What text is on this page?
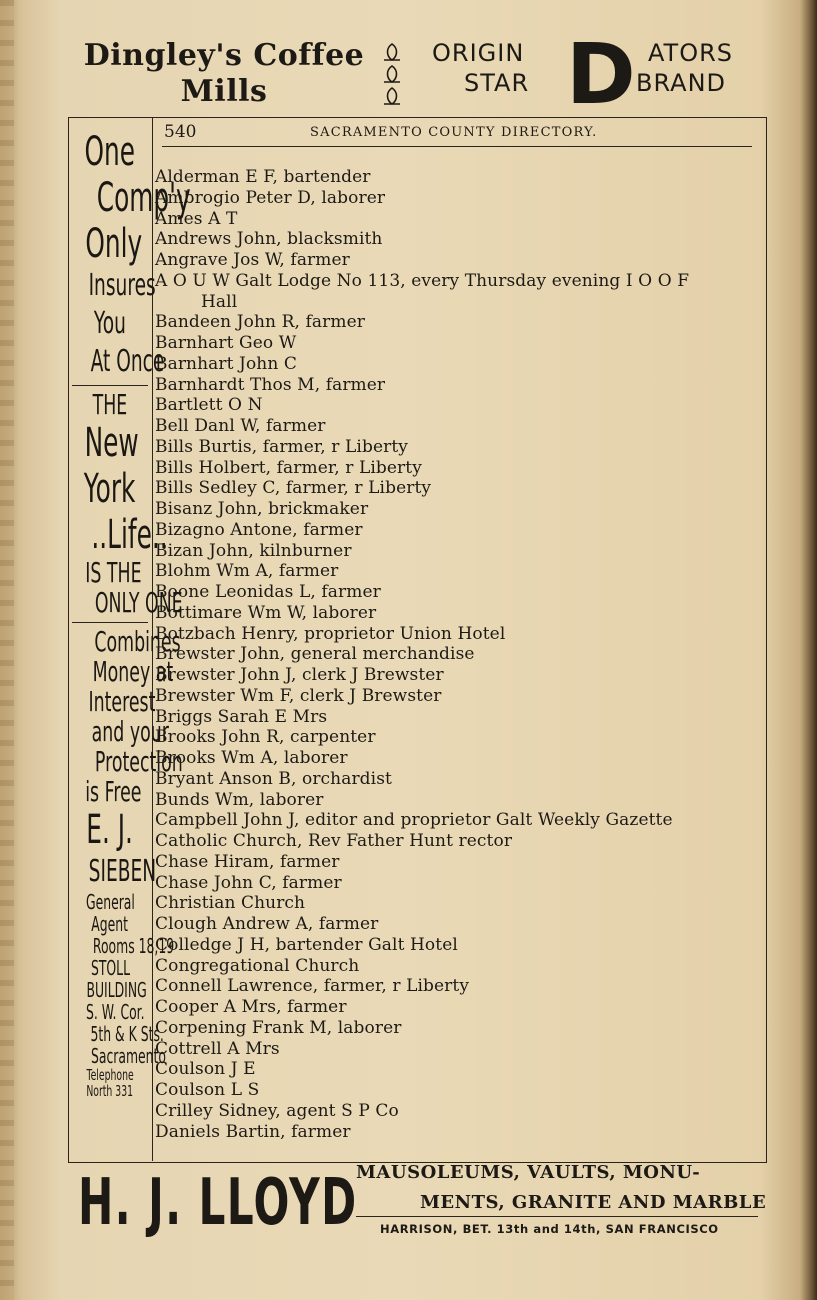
Dingley's Coffee
Mills
ORIGIN
STAR D ATORS
BRAND
One
Comp'y
Only
Insures
You
At Once
THE
New
York
..Life..
IS THE
ONLY ONE
Combines
Money at
Interest
and your
Protection
is Free
E. J.
SIEBEN
General
Agent
Rooms 18,19
STOLL
BUILDING
S. W. Cor.
5th & K Sts.
Sacramento
Telephone
North 331
540	SACRAMENTO COUNTY DIRECTORY.
Alderman E F, bartender
Ambrogio Peter D, laborer
Ames A T
Andrews John, blacksmith
Angrave Jos W, farmer
A O U W Galt Lodge No 113, every Thursday evening I O O F
Hall
Bandeen John R, farmer
Barnhart Geo W
Barnhart John C
Barnhardt Thos M, farmer
Bartlett O N
Bell Danl W, farmer
Bills Burtis, farmer, r Liberty
Bills Holbert, farmer, r Liberty
Bills Sedley C, farmer, r Liberty
Bisanz John, brickmaker
Bizagno Antone, farmer
Bizan John, kilnburner
Blohm Wm A, farmer
Boone Leonidas L, farmer
Bottimare Wm W, laborer
Botzbach Henry, proprietor Union Hotel
Brewster John, general merchandise
Brewster John J, clerk J Brewster
Brewster Wm F, clerk J Brewster
Briggs Sarah E Mrs
Brooks John R, carpenter
Brooks Wm A, laborer
Bryant Anson B, orchardist
Bunds Wm, laborer
Campbell John J, editor and proprietor Galt Weekly Gazette
Catholic Church, Rev Father Hunt rector
Chase Hiram, farmer
Chase John C, farmer
Christian Church
Clough Andrew A, farmer
Colledge J H, bartender Galt Hotel
Congregational Church
Connell Lawrence, farmer, r Liberty
Cooper A Mrs, farmer
Corpening Frank M, laborer
Cottrell A Mrs
Coulson J E
Coulson L S
Crilley Sidney, agent S P Co
Daniels Bartin, farmer
H. J. LLOYD
MAUSOLEUMS, VAULTS, MONU-
MENTS, GRANITE AND MARBLE
HARRISON, BET. 13th and 14th, SAN FRANCISCO
